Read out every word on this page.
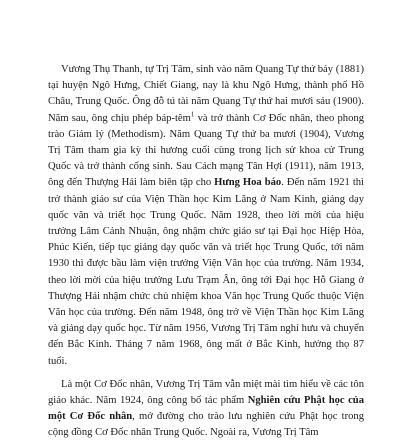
Vương Thụ Thanh, tự Trị Tâm, sinh vào năm Quang Tự thứ bảy (1881) tại huyện Ngô Hưng, Chiết Giang, nay là khu Ngô Hưng, thành phố Hồ Châu, Trung Quốc. Ông đỗ tú tài năm Quang Tự thứ hai mươi sáu (1900). Năm sau, ông chịu phép báp-têm$^1$ và trở thành Cơ Đốc nhân, theo phong trào Giám lý (Methodism). Năm Quang Tự thứ ba mươi (1904), Vương Trị Tâm tham gia kỳ thi hương cuối cùng trong lịch sử khoa cử Trung Quốc và trở thành cống sinh. Sau Cách mạng Tân Hợi (1911), năm 1913, ông đến Thượng Hải làm biên tập cho Hưng Hoa báo. Đến năm 1921 thì trở thành giáo sư của Viện Thần học Kim Lăng ở Nam Kinh, giảng dạy quốc văn và triết học Trung Quốc. Năm 1928, theo lời mời của hiệu trưởng Lâm Cảnh Nhuận, ông nhậm chức giáo sư tại Đại học Hiệp Hòa, Phúc Kiến, tiếp tục giảng dạy quốc văn và triết học Trung Quốc, tới năm 1930 thì được bầu làm viện trưởng Viện Văn học của trường. Năm 1934, theo lời mời của hiệu trưởng Lưu Trạm Ân, ông tới Đại học Hỗ Giang ở Thượng Hải nhậm chức chủ nhiệm khoa Văn học Trung Quốc thuộc Viện Văn học của trường. Đến năm 1948, ông trở về Viện Thần học Kim Lăng và giảng dạy quốc học. Từ năm 1956, Vương Trị Tâm nghỉ hưu và chuyển đến Bắc Kinh. Tháng 7 năm 1968, ông mất ở Bắc Kinh, hưởng thọ 87 tuổi.

Là một Cơ Đốc nhân, Vương Trị Tâm vẫn miệt mài tìm hiểu về các tôn giáo khác. Năm 1924, ông công bố tác phẩm Nghiên cứu Phật học của một Cơ Đốc nhân, mở đường cho trào lưu nghiên cứu Phật học trong cộng đồng Cơ Đốc nhân Trung Quốc. Ngoài ra, Vương Trị Tâm
